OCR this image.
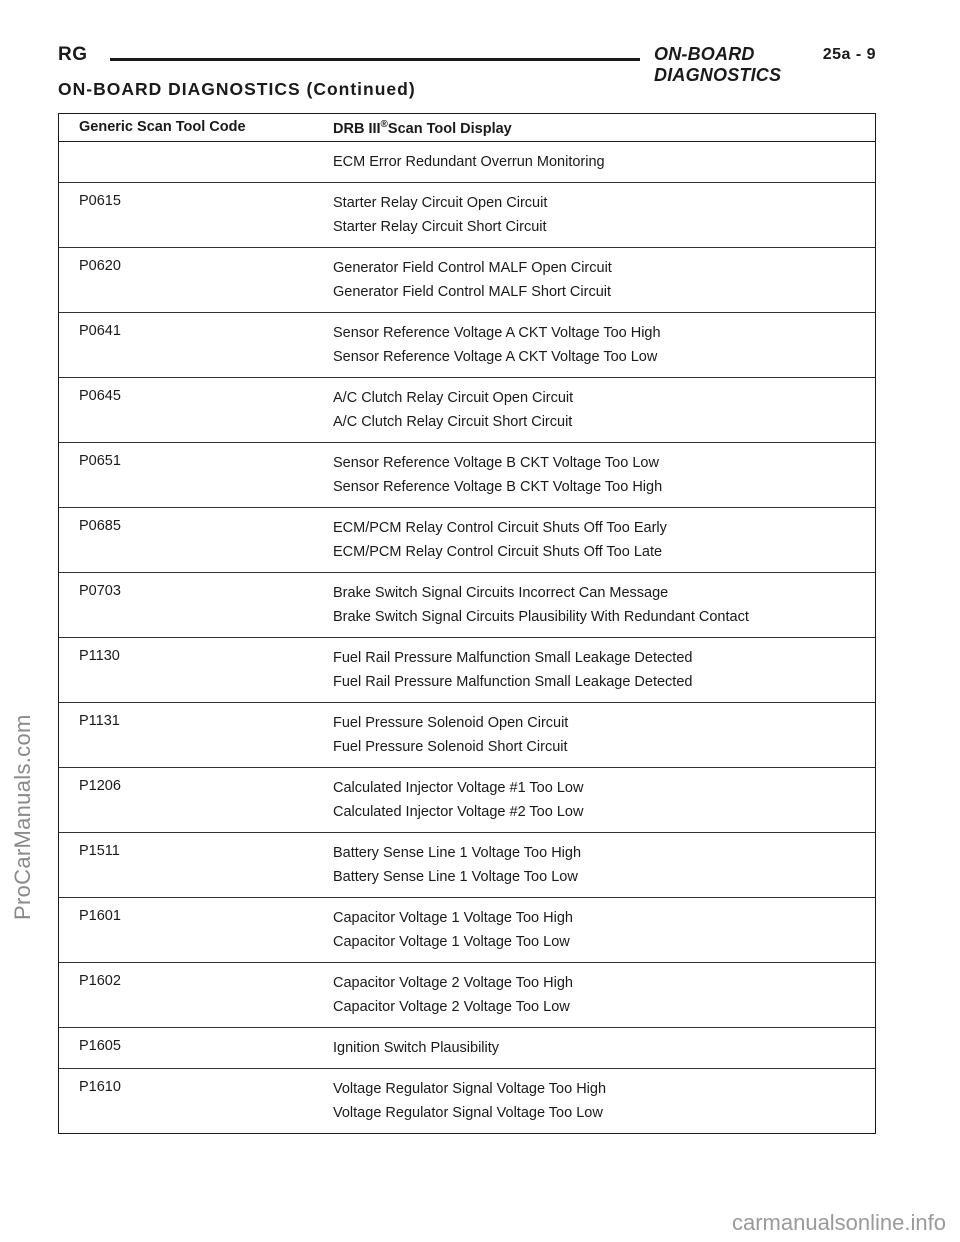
RG	ON-BOARD DIAGNOSTICS
25a - 9
ON-BOARD DIAGNOSTICS (Continued)
Generic Scan Tool Code	DRB III®Scan Tool Display
ECM Error Redundant Overrun Monitoring
P0615	Starter Relay Circuit Open Circuit
Starter Relay Circuit Short Circuit
P0620	Generator Field Control MALF Open Circuit
Generator Field Control MALF Short Circuit
P0641	Sensor Reference Voltage A CKT Voltage Too High
Sensor Reference Voltage A CKT Voltage Too Low
P0645	A/C Clutch Relay Circuit Open Circuit
A/C Clutch Relay Circuit Short Circuit
P0651	Sensor Reference Voltage B CKT Voltage Too Low
Sensor Reference Voltage B CKT Voltage Too High
P0685	ECM/PCM Relay Control Circuit Shuts Off Too Early
ECM/PCM Relay Control Circuit Shuts Off Too Late
P0703	Brake Switch Signal Circuits Incorrect Can Message
Brake Switch Signal Circuits Plausibility With Redundant Contact
P1130	Fuel Rail Pressure Malfunction Small Leakage Detected
Fuel Rail Pressure Malfunction Small Leakage Detected
P1131	Fuel Pressure Solenoid Open Circuit
Fuel Pressure Solenoid Short Circuit
P1206	Calculated Injector Voltage #1 Too Low
Calculated Injector Voltage #2 Too Low
P1511	Battery Sense Line 1 Voltage Too High
Battery Sense Line 1 Voltage Too Low
P1601	Capacitor Voltage 1 Voltage Too High
Capacitor Voltage 1 Voltage Too Low
P1602	Capacitor Voltage 2 Voltage Too High
Capacitor Voltage 2 Voltage Too Low
P1605	Ignition Switch Plausibility
P1610	Voltage Regulator Signal Voltage Too High
Voltage Regulator Signal Voltage Too Low
ProCarManuals.com
carmanualsonline.info
